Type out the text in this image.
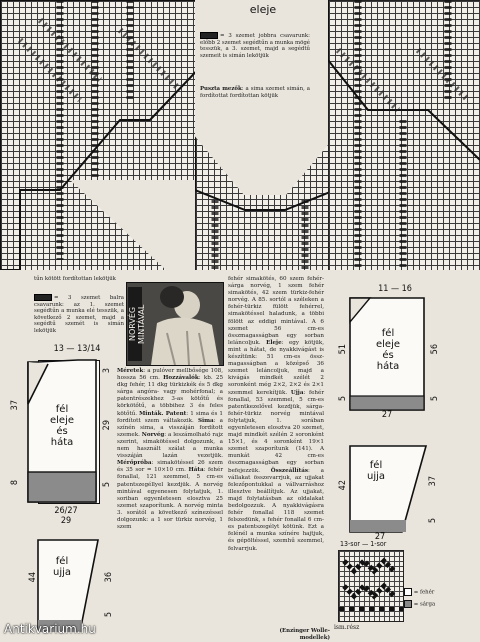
eleje
= 3 szemet jobbra csavarunk: előbb 2 szemet segédtűn a munka mögé tesszük, a 3. szemet, majd a segédtű szemeit is simán lekötjük
Puszta mezők: a sima szemet simán, a fordítottat fordítottan kötjük
tűn kötött fordítottan lekötjük
= 3 szemet balra csavarunk: az 1. szemet segédtűn a munka elé tesszük, a következő 2 szemet, majd a segédtű szemét is simán lekötjük	NORVÉG MINTÁVAL
Méretek: a pulóver mellbősége 108, hossza 56 cm. Hozzávalók: kb. 25 dkg fehér, 11 dkg türkizkék és 5 dkg sárga angóra- vagy mohérfonal; a patentrészekhez 3-as kötőtű és körkötőtű, a többihez 3 és feles kötőtű. Minták. Patent: 1 sima és 1 fordított szem váltakozik. Sima: a színén sima, a visszáján fordított szemek. Norvég: a leszámolható rajz szerint, simakötéssel dolgozunk, a nem használt szálat a munka visszáján lazán vezetjük. Mérőpróba: simakötéssel 26 szem és 35 sor = 10×10 cm. Háta: fehér fonallal, 121 szemmel, 5 cm-es patentszegéllyel kezdjük. A norvég mintával egyenesen folytatjuk, 1. soriban egyenletesen elosztva 25 szemet szaporítunk. A norvég minta 3. sorától a következő színezéssel dolgozunk: a 1 sor türkiz norvég, 1 szem
fehér simakötés, 60 szem fehér-sárga norvég, 1 szem fehér simakötés, 42 szem türkiz-fehér norvég. A 85. sortól a széleken a fehér-türkiz fülött fehérrel, simakötéssel haladunk, a többi fölött az eddigi mintával. A 6 szemet 56 cm-es összmagasságban egy sorban leláncoljuk. Eleje: egy kötjük, mint a hátat, de nyakkivágást is készítünk: 51 cm-es össz-magasságban a középső 36 szemet leláncoljuk, majd a kivágás mindkét szélét 2 soronként még 2×2, 2×2 és 2×1 szemmel kerekítjük. Ujja: fehér fonallal, 53 szemmel, 5 cm-es patentkezelővel kezdjük, sárga-fehér-türkiz norvég mintával folytatjuk, 1. sorában egyenletesen elosztva 20 szemet, majd mindkét szélén 2 soronként 15×1, és 4 soronként 19×1 szemet szaporítunk (141). A munkát 42 cm-es összmagasságban egy sorban befejezzük. Összeállítás: a vállakat összevarrjuk, az ujjakat felezőpontukkal a vállvarráshoz illesztve beállítjuk. Az ujjakat, majd folytatásban az oldalakat bedolgozzuk. A nyakkivágásra fehér fonallal 118 szemet felszedünk, s fehér fonallal 6 cm-es patentszegélyt kötünk. Ezt a felénél a munka színére hajtjuk, és gépöltéssel, szemhű szemmel, felvarrjuk.
(Enzinger Wolle-modellek)
13 — 13/14
fél
eleje
és
háta
37
8
29
3
5
26/27
29
fél
ujja
44	36
5
11 — 16
fél
eleje
és
háta
51
5
56
5
27
fél
ujja
42	37
5
27
13-sor — 1-sor
ism.rész
= fehér
= sárga
Antikvarium.hu
